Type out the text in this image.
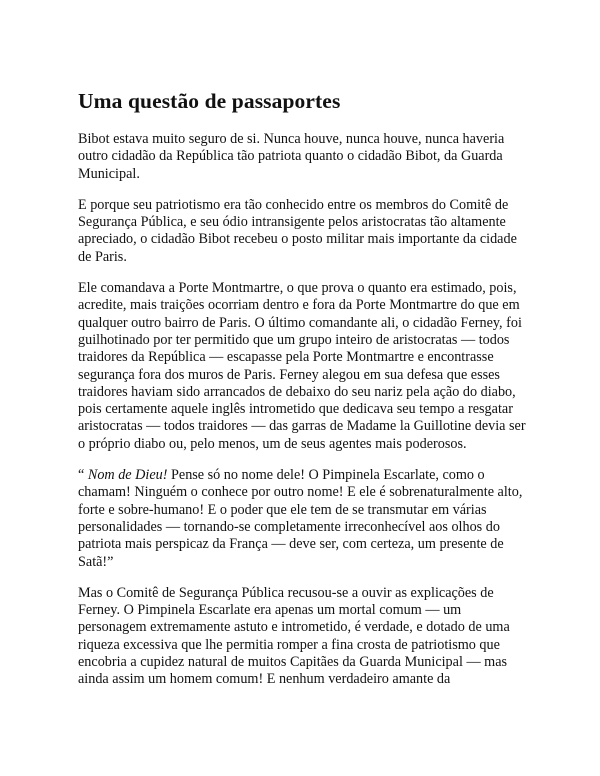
Uma questão de passaportes

Bibot estava muito seguro de si. Nunca houve, nunca houve, nunca haveria outro cidadão da República tão patriota quanto o cidadão Bibot, da Guarda Municipal.

E porque seu patriotismo era tão conhecido entre os membros do Comitê de Segurança Pública, e seu ódio intransigente pelos aristocratas tão altamente apreciado, o cidadão Bibot recebeu o posto militar mais importante da cidade de Paris.

Ele comandava a Porte Montmartre, o que prova o quanto era estimado, pois, acredite, mais traições ocorriam dentro e fora da Porte Montmartre do que em qualquer outro bairro de Paris. O último comandante ali, o cidadão Ferney, foi guilhotinado por ter permitido que um grupo inteiro de aristocratas — todos traidores da República — escapasse pela Porte Montmartre e encontrasse segurança fora dos muros de Paris. Ferney alegou em sua defesa que esses traidores haviam sido arrancados de debaixo do seu nariz pela ação do diabo, pois certamente aquele inglês intrometido que dedicava seu tempo a resgatar aristocratas — todos traidores — das garras de Madame la Guillotine devia ser o próprio diabo ou, pelo menos, um de seus agentes mais poderosos.

“ Nom de Dieu! Pense só no nome dele! O Pimpinela Escarlate, como o chamam! Ninguém o conhece por outro nome! E ele é sobrenaturalmente alto, forte e sobre-humano! E o poder que ele tem de se transmutar em várias personalidades — tornando-se completamente irreconhecível aos olhos do patriota mais perspicaz da França — deve ser, com certeza, um presente de Satã!”

Mas o Comitê de Segurança Pública recusou-se a ouvir as explicações de Ferney. O Pimpinela Escarlate era apenas um mortal comum — um personagem extremamente astuto e intrometido, é verdade, e dotado de uma riqueza excessiva que lhe permitia romper a fina crosta de patriotismo que encobria a cupidez natural de muitos Capitães da Guarda Municipal — mas ainda assim um homem comum! E nenhum verdadeiro amante da
